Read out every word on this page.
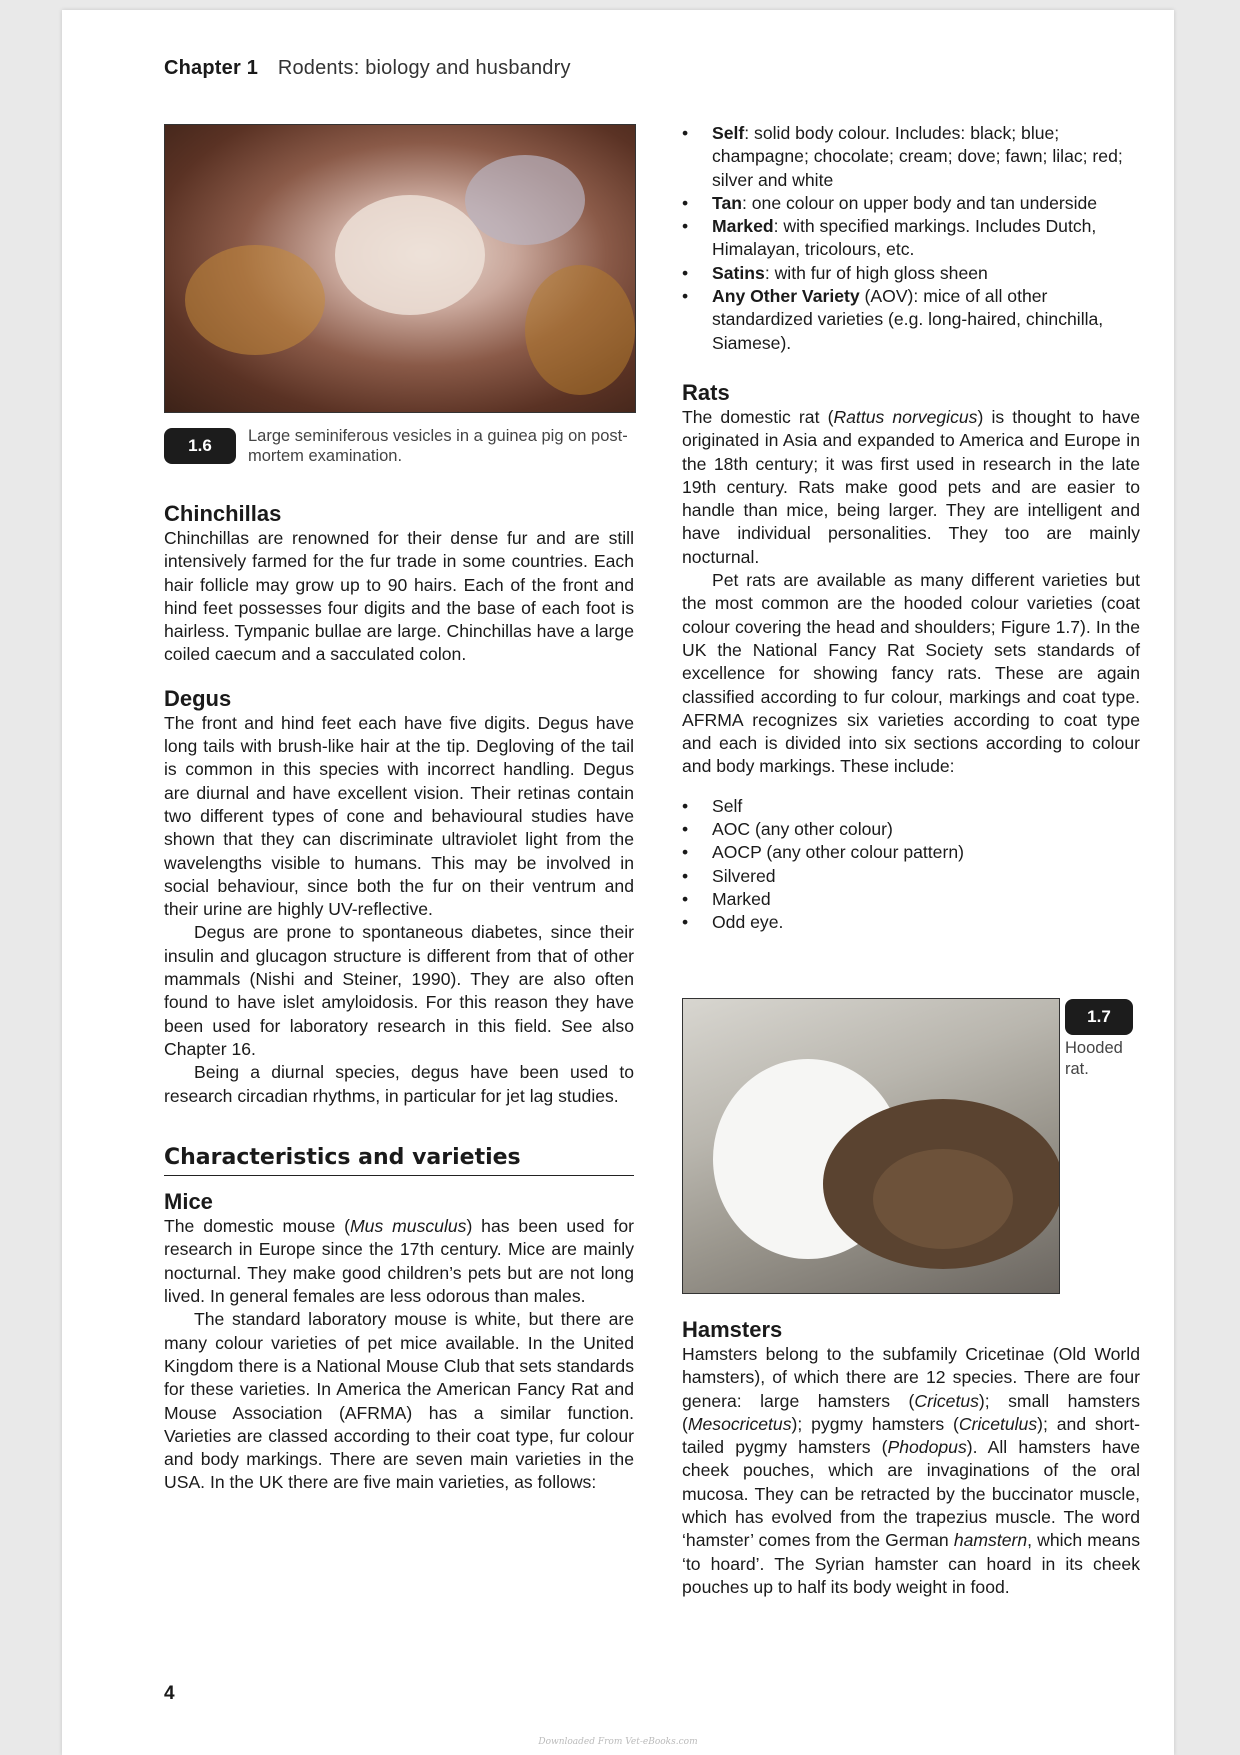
Chapter 1 Rodents: biology and husbandry
1.6	Large seminiferous vesicles in a guinea pig on post-mortem examination.
Chinchillas

Chinchillas are renowned for their dense fur and are still intensively farmed for the fur trade in some countries. Each hair follicle may grow up to 90 hairs. Each of the front and hind feet possesses four digits and the base of each foot is hairless. Tympanic bullae are large. Chinchillas have a large coiled caecum and a sacculated colon.

Degus

The front and hind feet each have five digits. Degus have long tails with brush-like hair at the tip. Degloving of the tail is common in this species with incorrect handling. Degus are diurnal and have excellent vision. Their retinas contain two different types of cone and behavioural studies have shown that they can discriminate ultraviolet light from the wavelengths visible to humans. This may be involved in social behaviour, since both the fur on their ventrum and their urine are highly UV-reflective.

Degus are prone to spontaneous diabetes, since their insulin and glucagon structure is different from that of other mammals (Nishi and Steiner, 1990). They are also often found to have islet amyloidosis. For this reason they have been used for laboratory research in this field. See also Chapter 16.

Being a diurnal species, degus have been used to research circadian rhythms, in particular for jet lag studies.

Characteristics and varieties
Mice

The domestic mouse (Mus musculus) has been used for research in Europe since the 17th century. Mice are mainly nocturnal. They make good children’s pets but are not long lived. In general females are less odorous than males.

The standard laboratory mouse is white, but there are many colour varieties of pet mice available. In the United Kingdom there is a National Mouse Club that sets standards for these varieties. In America the American Fancy Rat and Mouse Association (AFRMA) has a similar function. Varieties are classed according to their coat type, fur colour and body markings. There are seven main varieties in the USA. In the UK there are five main varieties, as follows:

• Self: solid body colour. Includes: black; blue; champagne; chocolate; cream; dove; fawn; lilac; red; silver and white
• Tan: one colour on upper body and tan underside
• Marked: with specified markings. Includes Dutch, Himalayan, tricolours, etc.
• Satins: with fur of high gloss sheen
• Any Other Variety (AOV): mice of all other standardized varieties (e.g. long-haired, chinchilla, Siamese).
Rats

The domestic rat (Rattus norvegicus) is thought to have originated in Asia and expanded to America and Europe in the 18th century; it was first used in research in the late 19th century. Rats make good pets and are easier to handle than mice, being larger. They are intelligent and have individual personalities. They too are mainly nocturnal.

Pet rats are available as many different varieties but the most common are the hooded colour varieties (coat colour covering the head and shoulders; Figure 1.7). In the UK the National Fancy Rat Society sets standards of excellence for showing fancy rats. These are again classified according to fur colour, markings and coat type. AFRMA recognizes six varieties according to coat type and each is divided into six sections according to colour and body markings. These include:

• Self
• AOC (any other colour)
• AOCP (any other colour pattern)
• Silvered
• Marked
• Odd eye.
1.7
Hooded rat.
Hamsters

Hamsters belong to the subfamily Cricetinae (Old World hamsters), of which there are 12 species. There are four genera: large hamsters (Cricetus); small hamsters (Mesocricetus); pygmy hamsters (Cricetulus); and short-tailed pygmy hamsters (Phodopus). All hamsters have cheek pouches, which are invaginations of the oral mucosa. They can be retracted by the buccinator muscle, which has evolved from the trapezius muscle. The word ‘hamster’ comes from the German hamstern, which means ‘to hoard’. The Syrian hamster can hoard in its cheek pouches up to half its body weight in food.

4
Downloaded From Vet-eBooks.com
